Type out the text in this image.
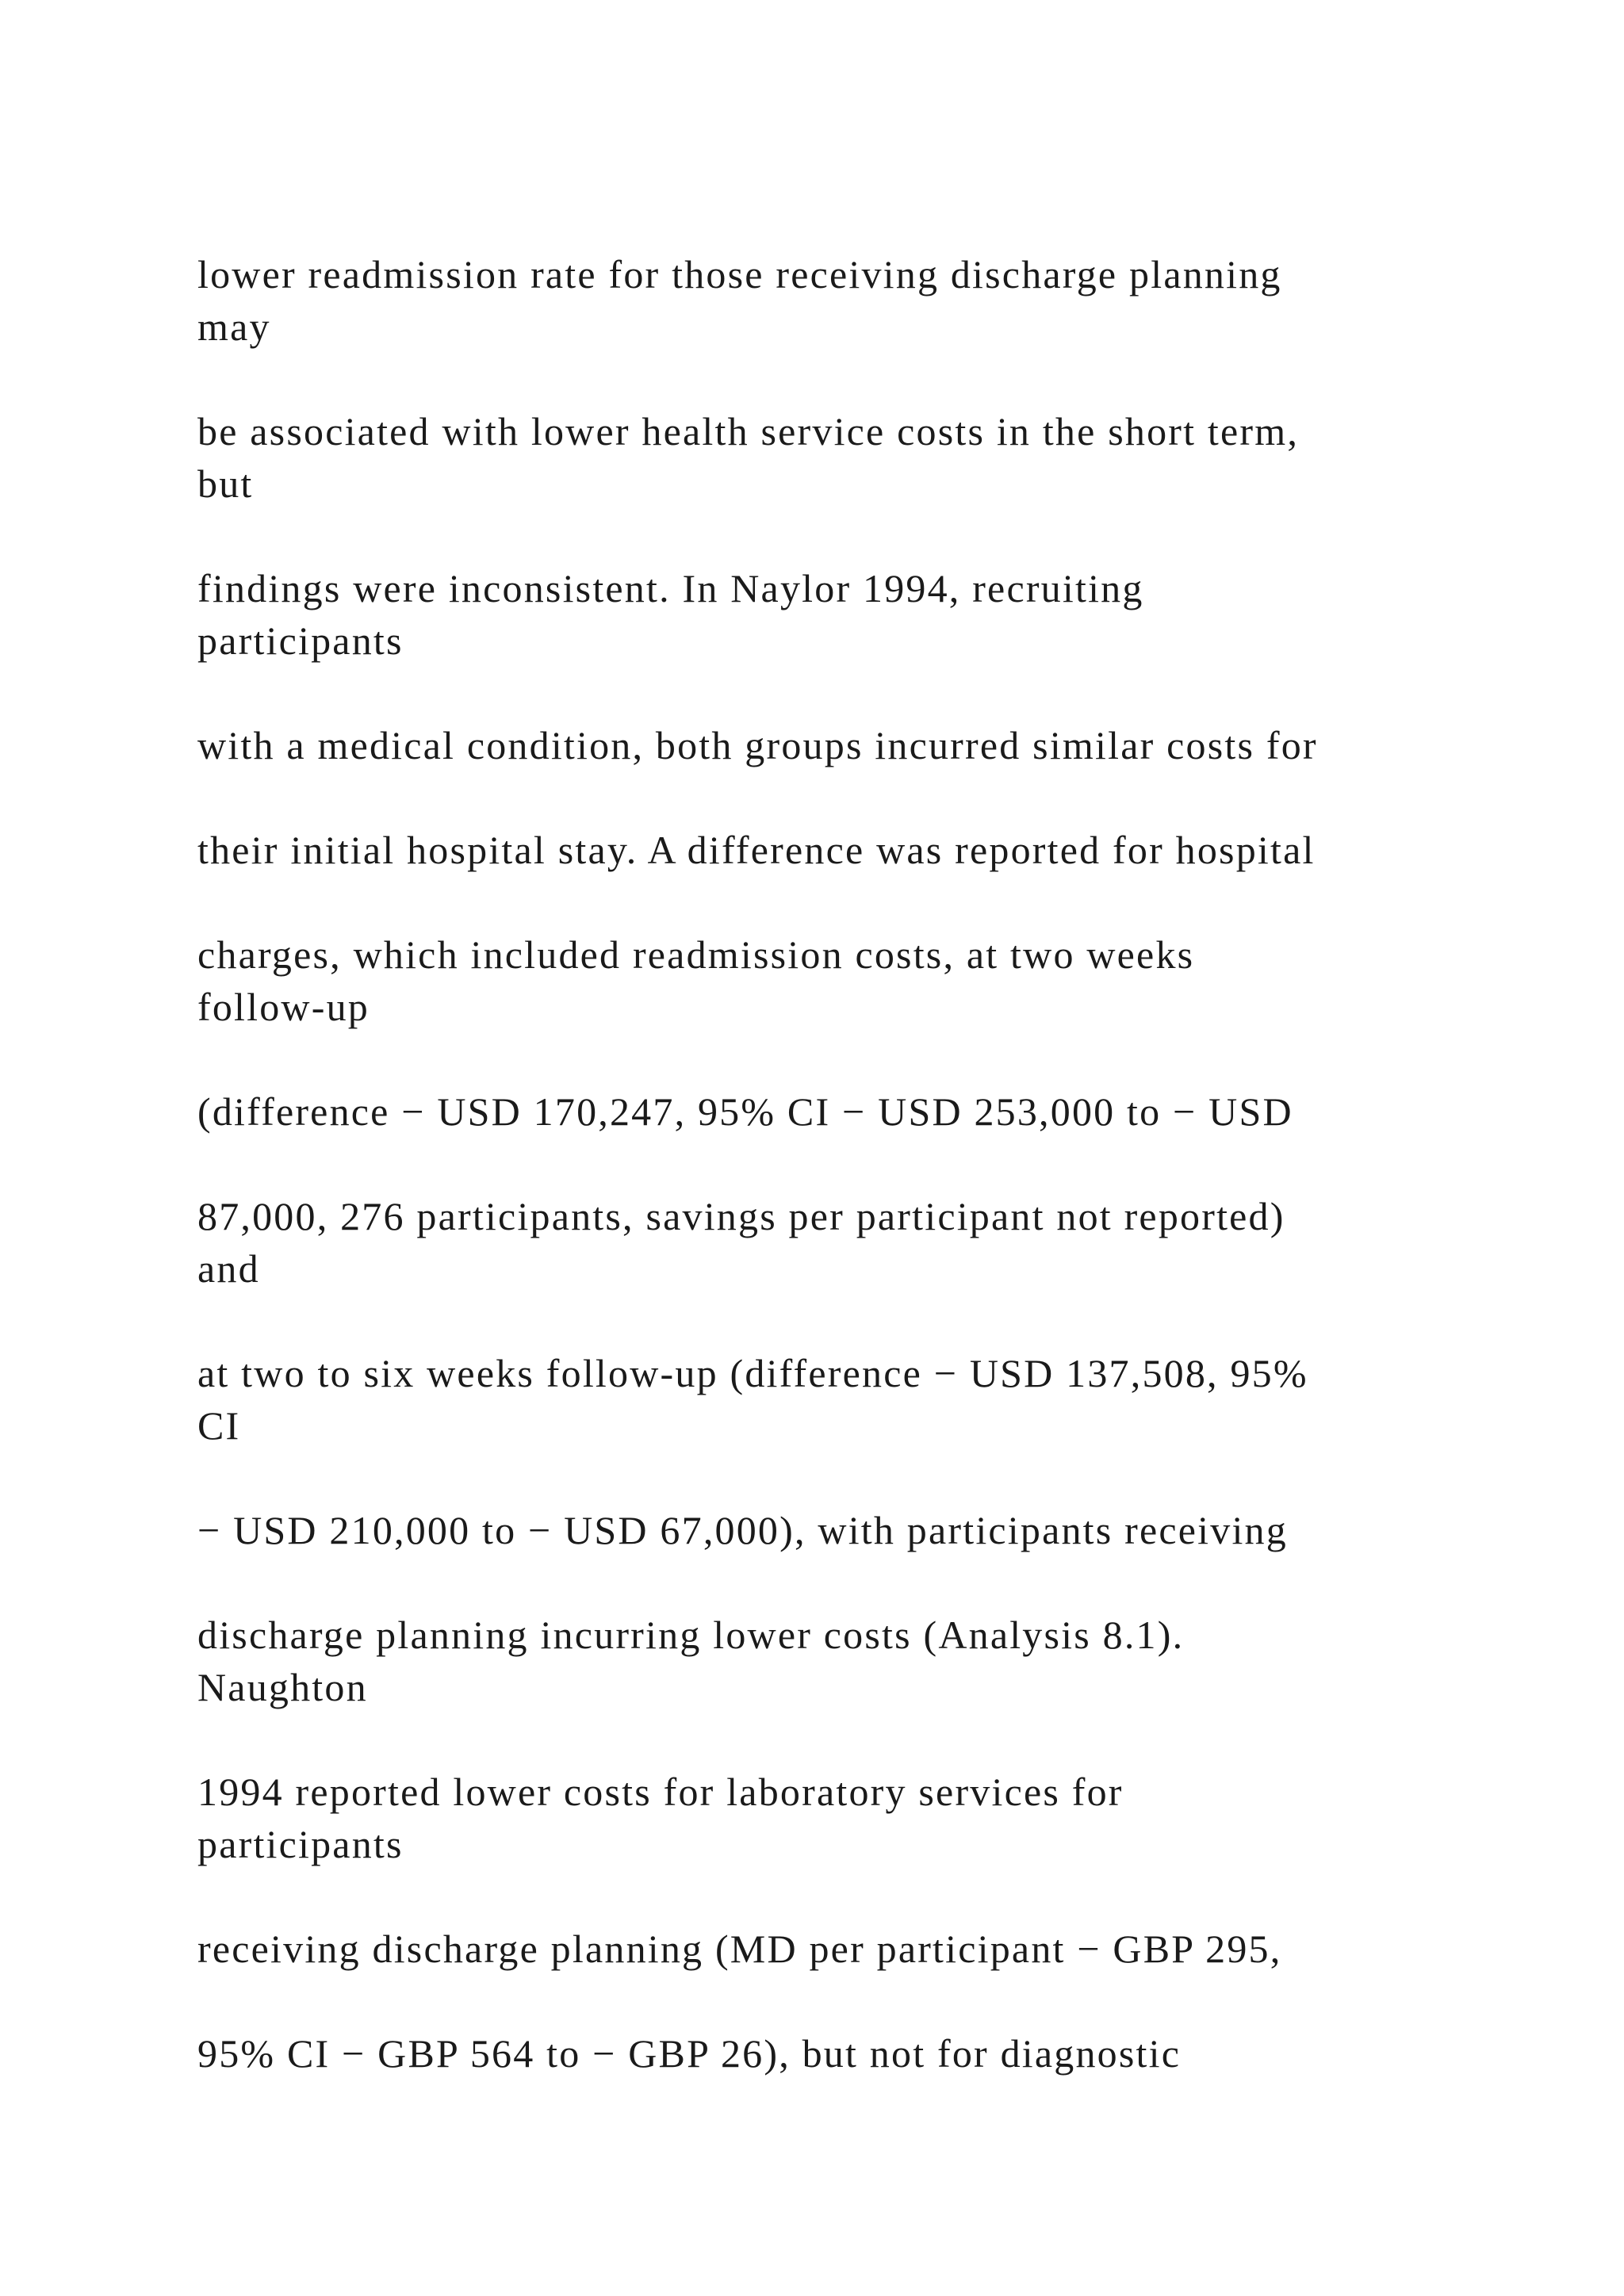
lower readmission rate for those receiving discharge planning
may

be associated with lower health service costs in the short term,
but

findings were inconsistent. In Naylor 1994, recruiting
participants

with a medical condition, both groups incurred similar costs for

their initial hospital stay. A difference was reported for hospital

charges, which included readmission costs, at two weeks
follow-up

(difference − USD 170,247, 95% CI − USD 253,000 to − USD

87,000, 276 participants, savings per participant not reported)
and

at two to six weeks follow-up (difference − USD 137,508, 95%
CI

− USD 210,000 to − USD 67,000), with participants receiving

discharge planning incurring lower costs (Analysis 8.1).
Naughton

1994 reported lower costs for laboratory services for
participants

receiving discharge planning (MD per participant − GBP 295,

95% CI − GBP 564 to − GBP 26), but not for diagnostic
